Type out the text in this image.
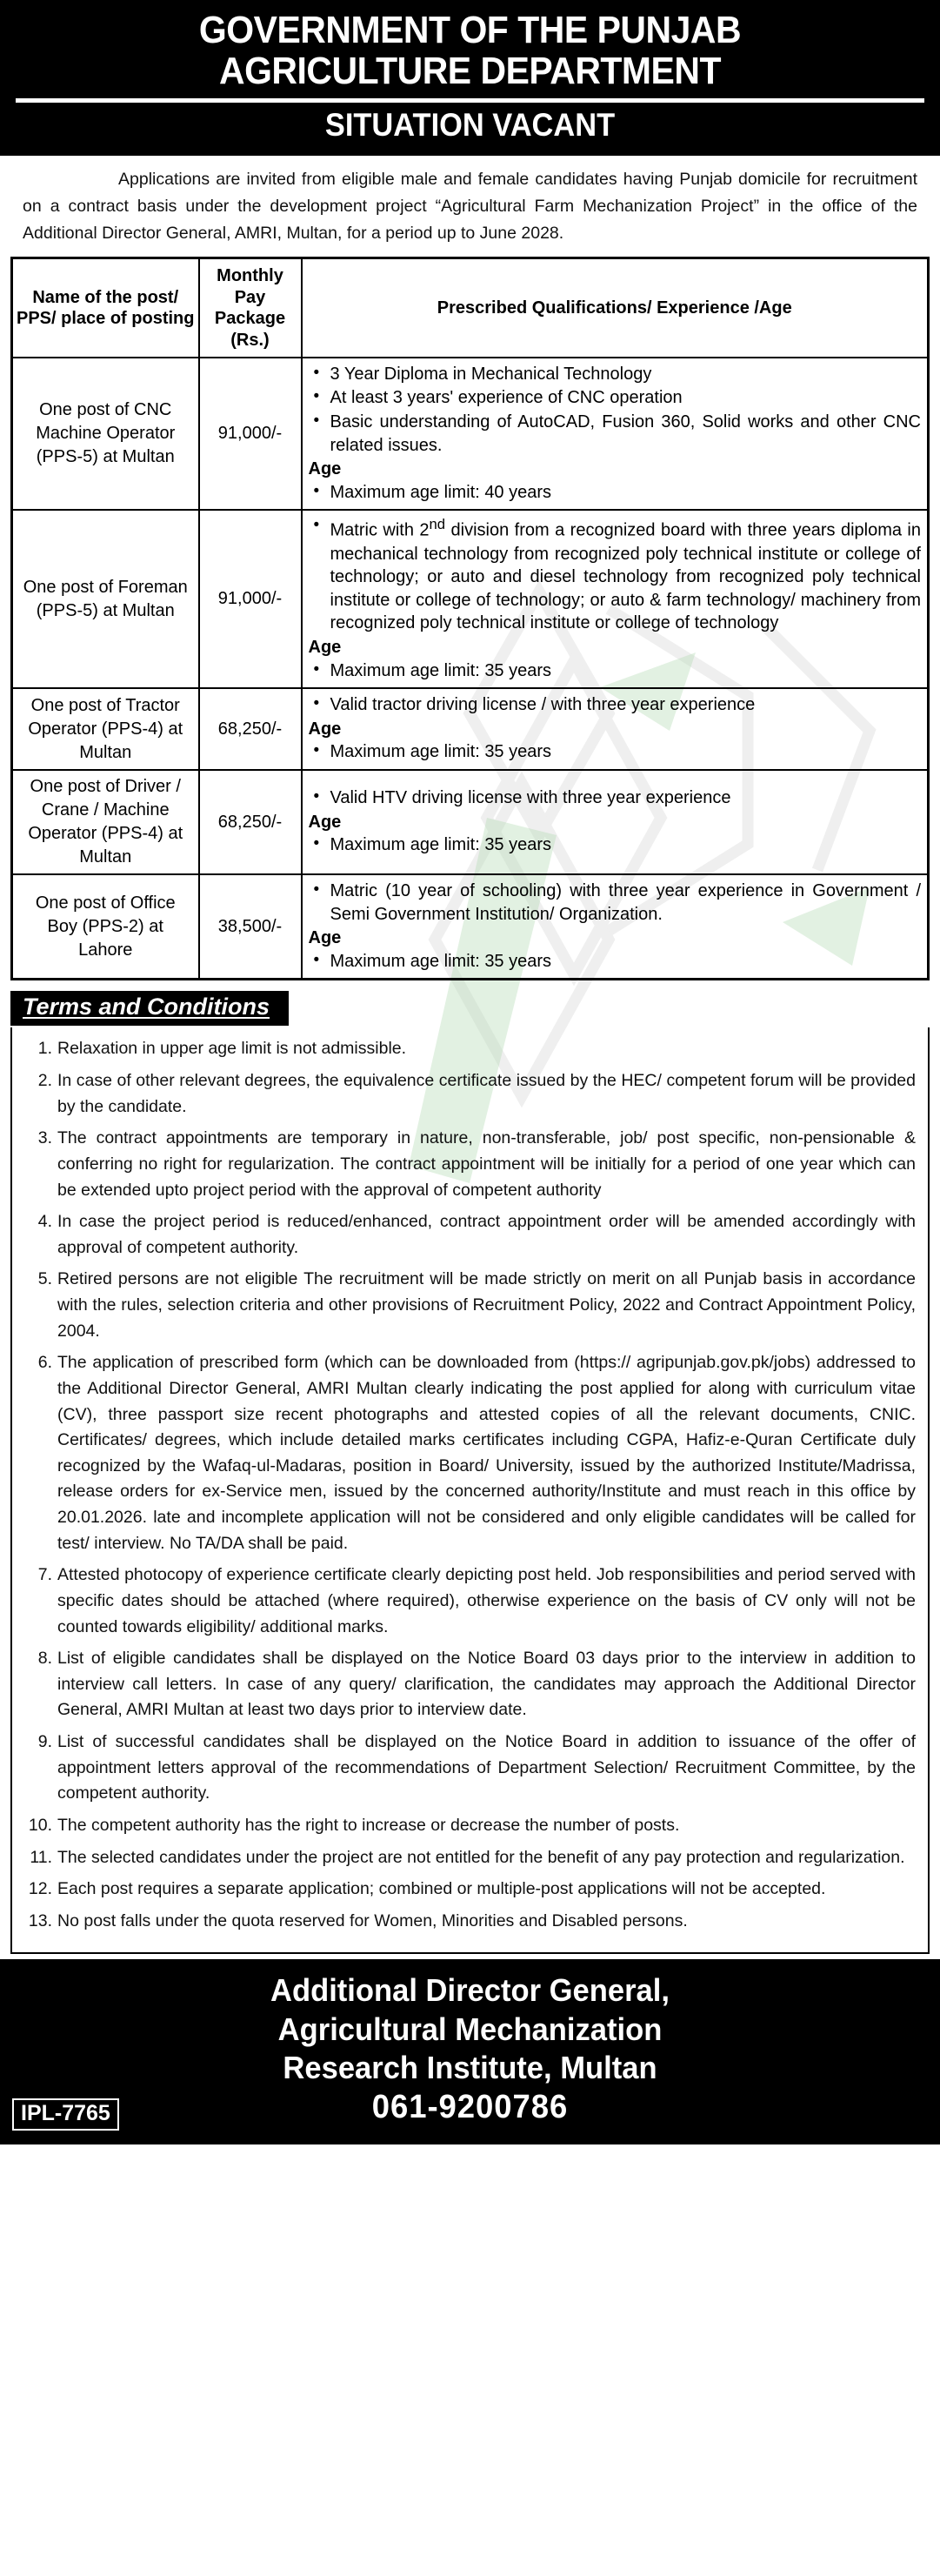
GOVERNMENT OF THE PUNJAB
AGRICULTURE DEPARTMENT
SITUATION VACANT
Applications are invited from eligible male and female candidates having Punjab domicile for recruitment on a contract basis under the development project “Agricultural Farm Mechanization Project” in the office of the Additional Director General, AMRI, Multan, for a period up to June 2028.
Name of the post/ PPS/ place of posting	Monthly Pay Package (Rs.)	Prescribed Qualifications/ Experience /Age
One post of CNC Machine Operator (PPS-5) at Multan	91,000/-	
• 3 Year Diploma in Mechanical Technology
• At least 3 years' experience of CNC operation
• Basic understanding of AutoCAD, Fusion 360, Solid works and other CNC related issues.
Age
• Maximum age limit: 40 years

One post of Foreman (PPS-5) at Multan	91,000/-	
• Matric with 2nd division from a recognized board with three years diploma in mechanical technology from recognized poly technical institute or college of technology; or auto and diesel technology from recognized poly technical institute or college of technology; or auto & farm technology/ machinery from recognized poly technical institute or college of technology
Age
• Maximum age limit: 35 years

One post of Tractor Operator (PPS-4) at Multan	68,250/-	
• Valid tractor driving license / with three year experience
Age
• Maximum age limit: 35 years

One post of Driver / Crane / Machine Operator (PPS-4) at Multan	68,250/-	
• Valid HTV driving license with three year experience
Age
• Maximum age limit: 35 years

One post of Office Boy (PPS-2) at Lahore	38,500/-	
• Matric (10 year of schooling) with three year experience in Government / Semi Government Institution/ Organization.
Age
• Maximum age limit: 35 years
Terms and Conditions
Relaxation in upper age limit is not admissible.
In case of other relevant degrees, the equivalence certificate issued by the HEC/ competent forum will be provided by the candidate.
The contract appointments are temporary in nature, non-transferable, job/ post specific, non-pensionable & conferring no right for regularization. The contract appointment will be initially for a period of one year which can be extended upto project period with the approval of competent authority
In case the project period is reduced/enhanced, contract appointment order will be amended accordingly with approval of competent authority.
Retired persons are not eligible The recruitment will be made strictly on merit on all Punjab basis in accordance with the rules, selection criteria and other provisions of Recruitment Policy, 2022 and Contract Appointment Policy, 2004.
The application of prescribed form (which can be downloaded from (https:// agripunjab.gov.pk/jobs) addressed to the Additional Director General, AMRI Multan clearly indicating the post applied for along with curriculum vitae (CV), three passport size recent photographs and attested copies of all the relevant documents, CNIC. Certificates/ degrees, which include detailed marks certificates including CGPA, Hafiz-e-Quran Certificate duly recognized by the Wafaq-ul-Madaras, position in Board/ University, issued by the authorized Institute/Madrissa, release orders for ex-Service men, issued by the concerned authority/Institute and must reach in this office by 20.01.2026. late and incomplete application will not be considered and only eligible candidates will be called for test/ interview. No TA/DA shall be paid.
Attested photocopy of experience certificate clearly depicting post held. Job responsibilities and period served with specific dates should be attached (where required), otherwise experience on the basis of CV only will not be counted towards eligibility/ additional marks.
List of eligible candidates shall be displayed on the Notice Board 03 days prior to the interview in addition to interview call letters. In case of any query/ clarification, the candidates may approach the Additional Director General, AMRI Multan at least two days prior to interview date.
List of successful candidates shall be displayed on the Notice Board in addition to issuance of the offer of appointment letters approval of the recommendations of Department Selection/ Recruitment Committee, by the competent authority.
The competent authority has the right to increase or decrease the number of posts.
The selected candidates under the project are not entitled for the benefit of any pay protection and regularization.
Each post requires a separate application; combined or multiple-post applications will not be accepted.
No post falls under the quota reserved for Women, Minorities and Disabled persons.
Additional Director General,
Agricultural Mechanization
Research Institute, Multan
061-9200786
IPL-7765
